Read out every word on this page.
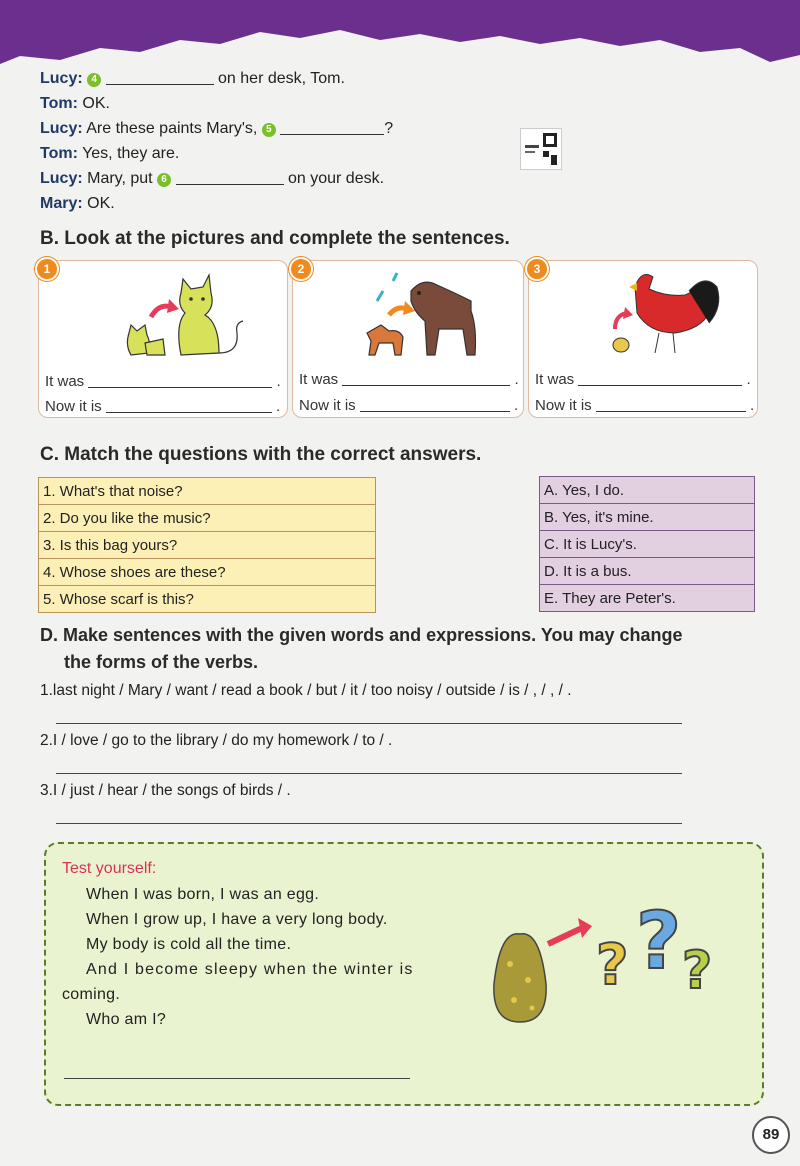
Lucy: 4	on her desk, Tom.
Tom: OK.
Lucy: Are these paints Mary's, 5	?
Tom: Yes, they are.
Lucy: Mary, put 6	on your desk.
Mary: OK.
B. Look at the pictures and complete the sentences.
1
It was	.
Now it is	.
2
It was	.
Now it is	.
3
It was	.
Now it is	.
C. Match the questions with the correct answers.
1. What's that noise?
2. Do you like the music?
3. Is this bag yours?
4. Whose shoes are these?
5. Whose scarf is this?
A. Yes, I do.
B. Yes, it's mine.
C. It is Lucy's.
D. It is a bus.
E. They are Peter's.
D. Make sentences with the given words and expressions. You may change
the forms of the verbs.
1.last night / Mary / want / read a book / but / it / too noisy / outside / is / , / , / .
2.I / love / go to the library / do my homework / to / .
3.I / just / hear / the songs of birds / .
Test yourself:
When I was born, I was an egg.
When I grow up, I have a very long body.
My body is cold all the time.
And I become sleepy when the winter is
coming.
Who am I?
? ? ?
89
